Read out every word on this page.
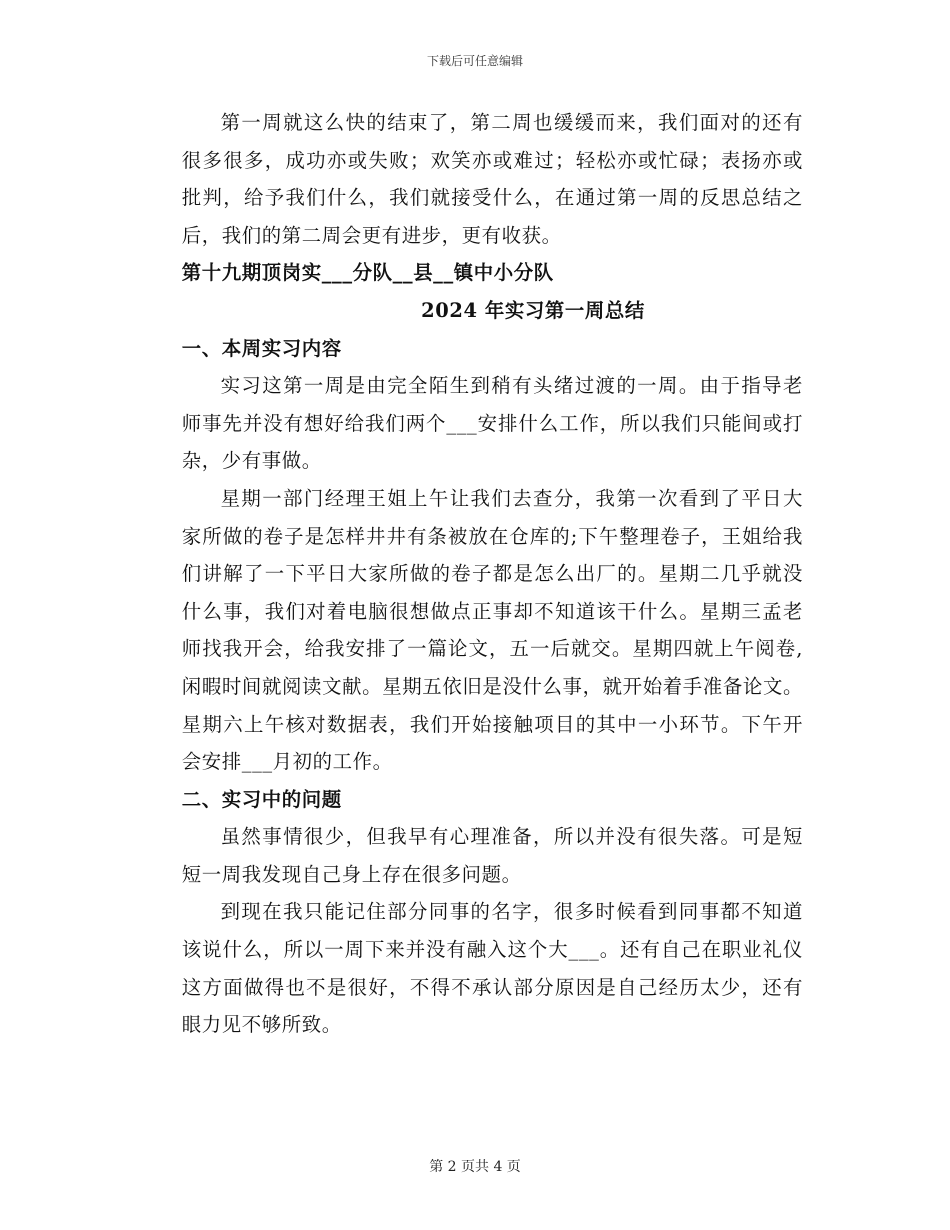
下载后可任意编辑
第一周就这么快的结束了，第二周也缓缓而来，我们面对的还有
很多很多，成功亦或失败；欢笑亦或难过；轻松亦或忙碌；表扬亦或
批判，给予我们什么，我们就接受什么，在通过第一周的反思总结之
后，我们的第二周会更有进步，更有收获。
第十九期顶岗实___分队__县__镇中小分队
2024 年实习第一周总结
一、本周实习内容
实习这第一周是由完全陌生到稍有头绪过渡的一周。由于指导老
师事先并没有想好给我们两个___安排什么工作，所以我们只能间或打
杂，少有事做。
星期一部门经理王姐上午让我们去查分，我第一次看到了平日大
家所做的卷子是怎样井井有条被放在仓库的;下午整理卷子，王姐给我
们讲解了一下平日大家所做的卷子都是怎么出厂的。星期二几乎就没
什么事，我们对着电脑很想做点正事却不知道该干什么。星期三孟老
师找我开会，给我安排了一篇论文，五一后就交。星期四就上午阅卷,
闲暇时间就阅读文献。星期五依旧是没什么事，就开始着手准备论文。
星期六上午核对数据表，我们开始接触项目的其中一小环节。下午开
会安排___月初的工作。
二、实习中的问题
虽然事情很少，但我早有心理准备，所以并没有很失落。可是短
短一周我发现自己身上存在很多问题。
到现在我只能记住部分同事的名字，很多时候看到同事都不知道
该说什么，所以一周下来并没有融入这个大___。还有自己在职业礼仪
这方面做得也不是很好，不得不承认部分原因是自己经历太少，还有
眼力见不够所致。
第 2 页共 4 页
